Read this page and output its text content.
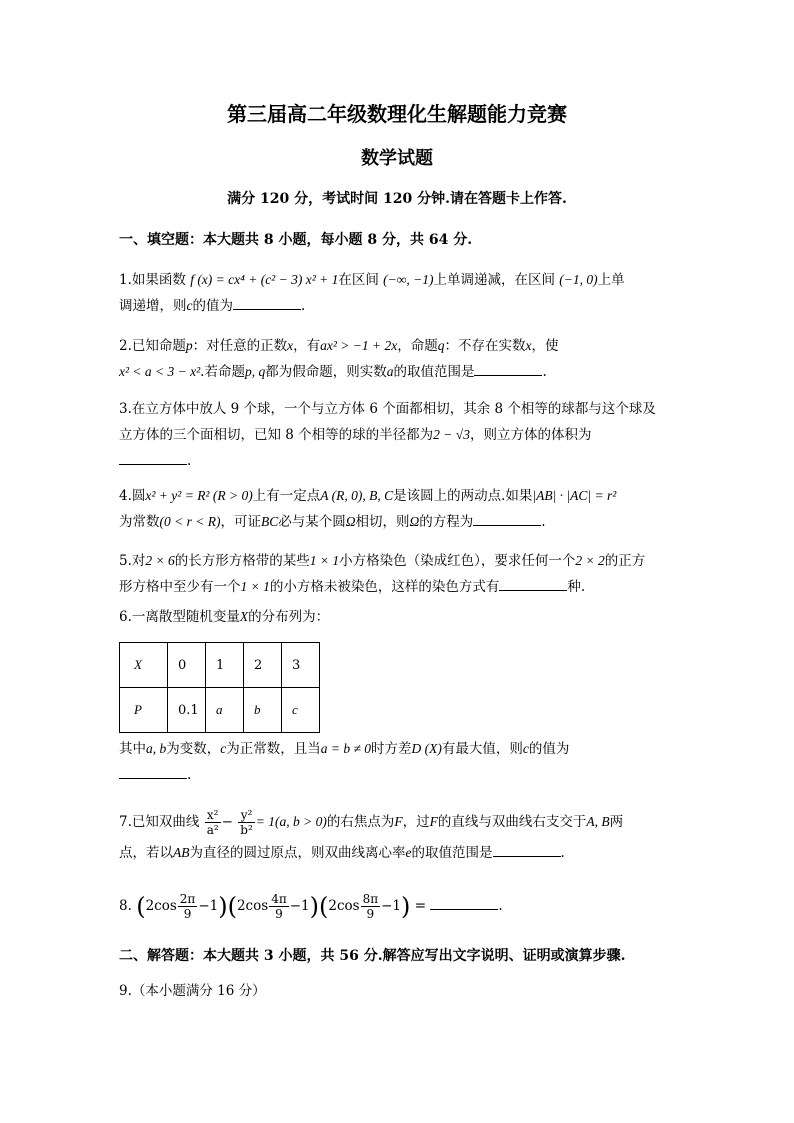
第三届高二年级数理化生解题能力竞赛
数学试题
满分 120 分，考试时间 120 分钟.请在答题卡上作答.
一、填空题：本大题共 8 小题，每小题 8 分，共 64 分.
1.如果函数 f (x) = cx⁴ + (c² − 3) x² + 1在区间 (−∞, −1)上单调递减，在区间 (−1, 0)上单
调递增，则c的值为	.
2.已知命题p：对任意的正数x，有ax² > −1 + 2x，命题q：不存在实数x，使
x² < a < 3 − x².若命题p, q都为假命题，则实数a的取值范围是	.
3.在立方体中放人 9 个球，一个与立方体 6 个面都相切，其余 8 个相等的球都与这个球及
立方体的三个面相切，已知 8 个相等的球的半径都为2 − √3，则立方体的体积为
.
4.圆x² + y² = R² (R > 0)上有一定点A (R, 0), B, C是该圆上的两动点.如果|AB| · |AC| = r²
为常数(0 < r < R)，可证BC必与某个圆Ω相切，则Ω的方程为	.
5.对2 × 6的长方形方格带的某些1 × 1小方格染色（染成红色），要求任何一个2 × 2的正方
形方格中至少有一个1 × 1的小方格未被染色，这样的染色方式有	种.
6.一离散型随机变量X的分布列为：
X	0	1	2	3
P	0.1	a	b	c
其中a, b为变数，c为正常数，且当a = b ≠ 0时方差D (X)有最大值，则c的值为
.
7.已知双曲线 $\frac{\text{x²}}{\text{a²}} - \frac{\text{y²}}{\text{b²}} = 1(a$, b > 0)的右焦点为F，过F的直线与双曲线右支交于A, B两
点，若以AB为直径的圆过原点，则双曲线离心率e的取值范围是	.
8. $(2\cos \frac{2\pi}{9} -1)(2\cos \frac{4\pi}{9} -1)(2\cos \frac{8\pi}{9} -1)$ =	.
二、解答题：本大题共 3 小题，共 56 分.解答应写出文字说明、证明或演算步骤.
9.（本小题满分 16 分）
